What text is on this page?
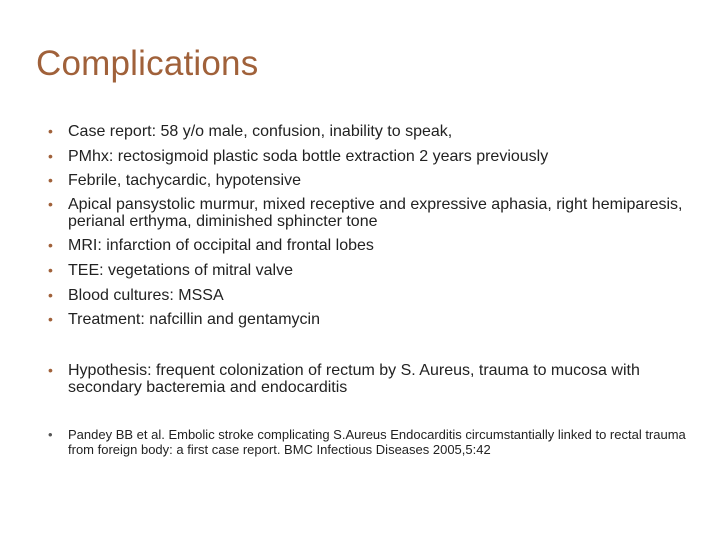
Complications
• Case report: 58 y/o male, confusion, inability to speak,
• PMhx: rectosigmoid plastic soda bottle extraction 2 years previously
• Febrile, tachycardic, hypotensive
• Apical pansystolic murmur, mixed receptive and expressive aphasia, right hemiparesis, perianal erthyma, diminished sphincter tone
• MRI: infarction of occipital and frontal lobes
• TEE: vegetations of mitral valve
• Blood cultures: MSSA
• Treatment: nafcillin and gentamycin
• Hypothesis: frequent colonization of rectum by S. Aureus, trauma to mucosa with secondary bacteremia and endocarditis
• Pandey BB et al. Embolic stroke complicating S.Aureus Endocarditis circumstantially linked to rectal trauma from foreign body: a first case report. BMC Infectious Diseases 2005,5:42
